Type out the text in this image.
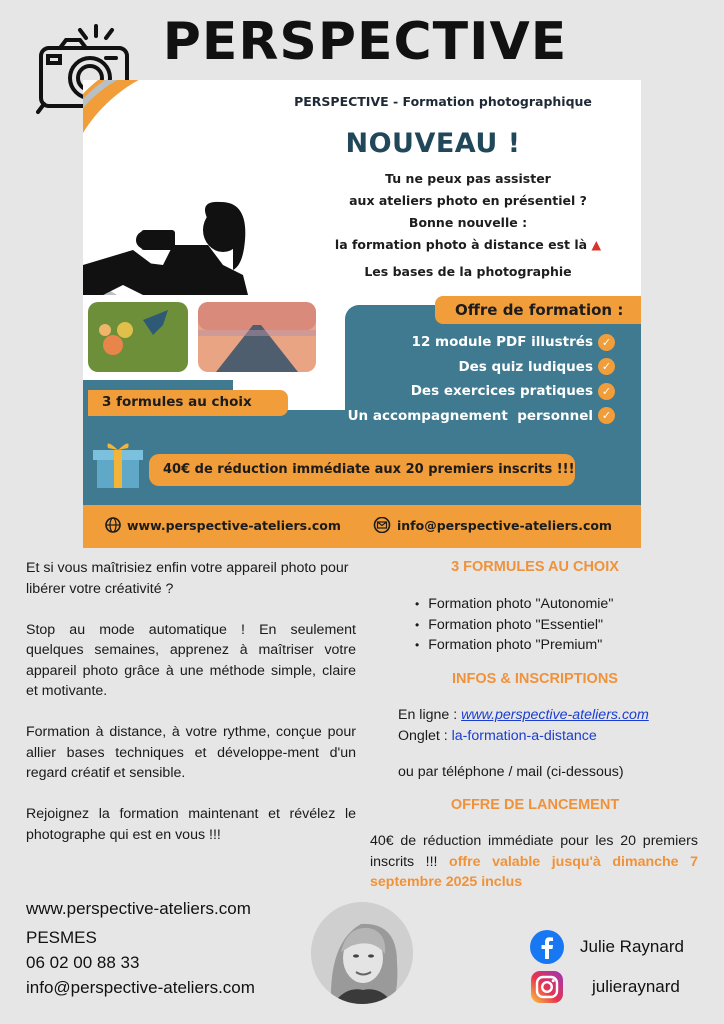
PERSPECTIVE
PERSPECTIVE - Formation photographique
NOUVEAU !
Tu ne peux pas assister
aux ateliers photo en présentiel ?
Bonne nouvelle :
la formation photo à distance est là ▲
Les bases de la photographie
Offre de formation :
12 module PDF illustrés ✓
Des quiz ludiques ✓
Des exercices pratiques ✓
Un accompagnement  personnel ✓
3 formules au choix
40€ de réduction immédiate aux 20 premiers inscrits !!!
www.perspective-ateliers.com	info@perspective-ateliers.com

Et si vous maîtrisiez enfin votre appareil photo pour libérer votre créativité ?

Stop au mode automatique ! En seulement quelques semaines, apprenez à maîtriser votre appareil photo grâce à une méthode simple, claire et motivante.

Formation à distance, à votre rythme, conçue pour allier bases techniques et développe-ment d'un regard créatif et sensible.

Rejoignez la formation maintenant et révélez le photographe qui est en vous !!!

3 FORMULES AU CHOIX
• Formation photo "Autonomie"
• Formation photo "Essentiel"
• Formation photo "Premium"
INFOS & INSCRIPTIONS
En ligne : www.perspective-ateliers.com
Onglet : la-formation-a-distance
ou par téléphone / mail (ci-dessous)
OFFRE DE LANCEMENT
40€ de réduction immédiate pour les 20 premiers inscrits !!! offre valable jusqu'à dimanche 7 septembre 2025 inclus
www.perspective-ateliers.com
PESMES
06 02 00 88 33
info@perspective-ateliers.com
Julie Raynard
julieraynard
